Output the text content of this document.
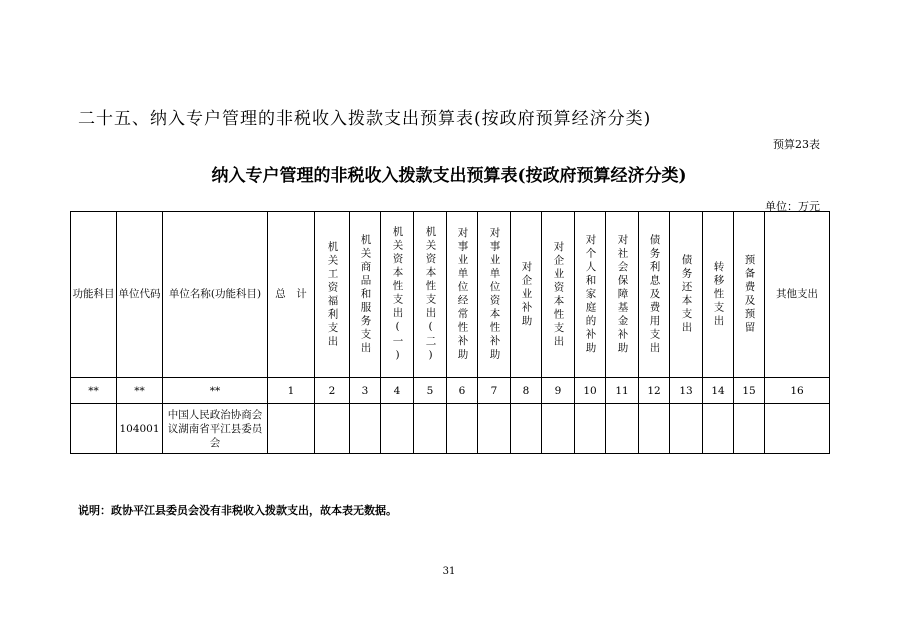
二十五、纳入专户管理的非税收入拨款支出预算表(按政府预算经济分类)
预算23表
纳入专户管理的非税收入拨款支出预算表(按政府预算经济分类)
单位：万元
功能科目	单位代码	单位名称(功能科目)	总　计	机关工资福利支出	机关商品和服务支出	机关资本性支出(一)	机关资本性支出(二)	对事业单位经常性补助	对事业单位资本性补助	对企业补助	对企业资本性支出	对个人和家庭的补助	对社会保障基金补助	债务利息及费用支出	债务还本支出	转移性支出	预备费及预留	其他支出

**	**	**	1	2	3	4	5	6	7	8	9	10	11	12	13	14	15	16
	104001	中国人民政治协商会议湖南省平江县委员会																

说明：政协平江县委员会没有非税收入拨款支出，故本表无数据。
31
